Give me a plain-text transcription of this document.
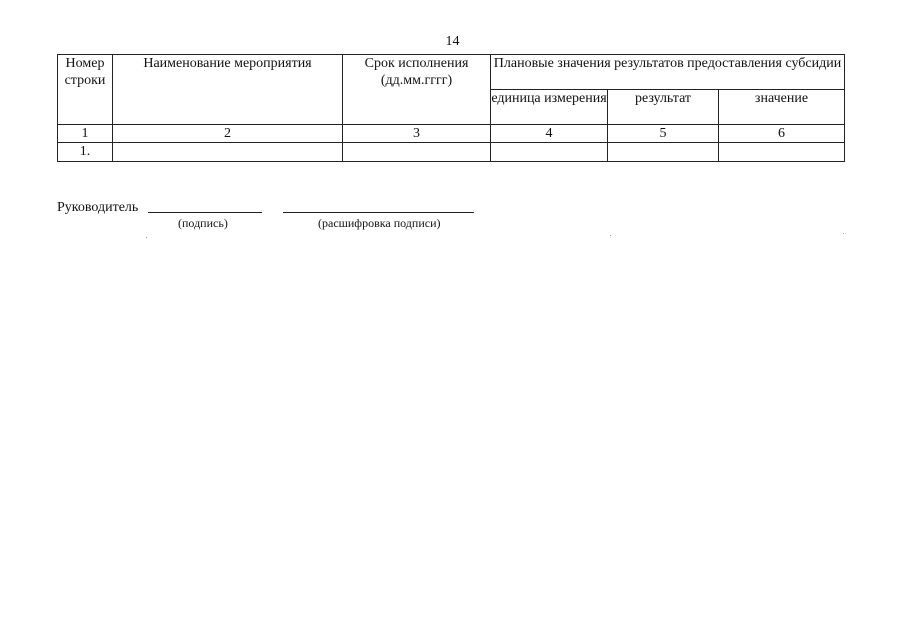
14
Номер строки	Наименование мероприятия	Срок исполнения (дд.мм.гггг)	Плановые значения результатов предоставления субсидии		
			единица измерения	результат	значение
1	2	3	4	5	6
1.					
Руководитель
(подпись)	(расшифровка подписи)
